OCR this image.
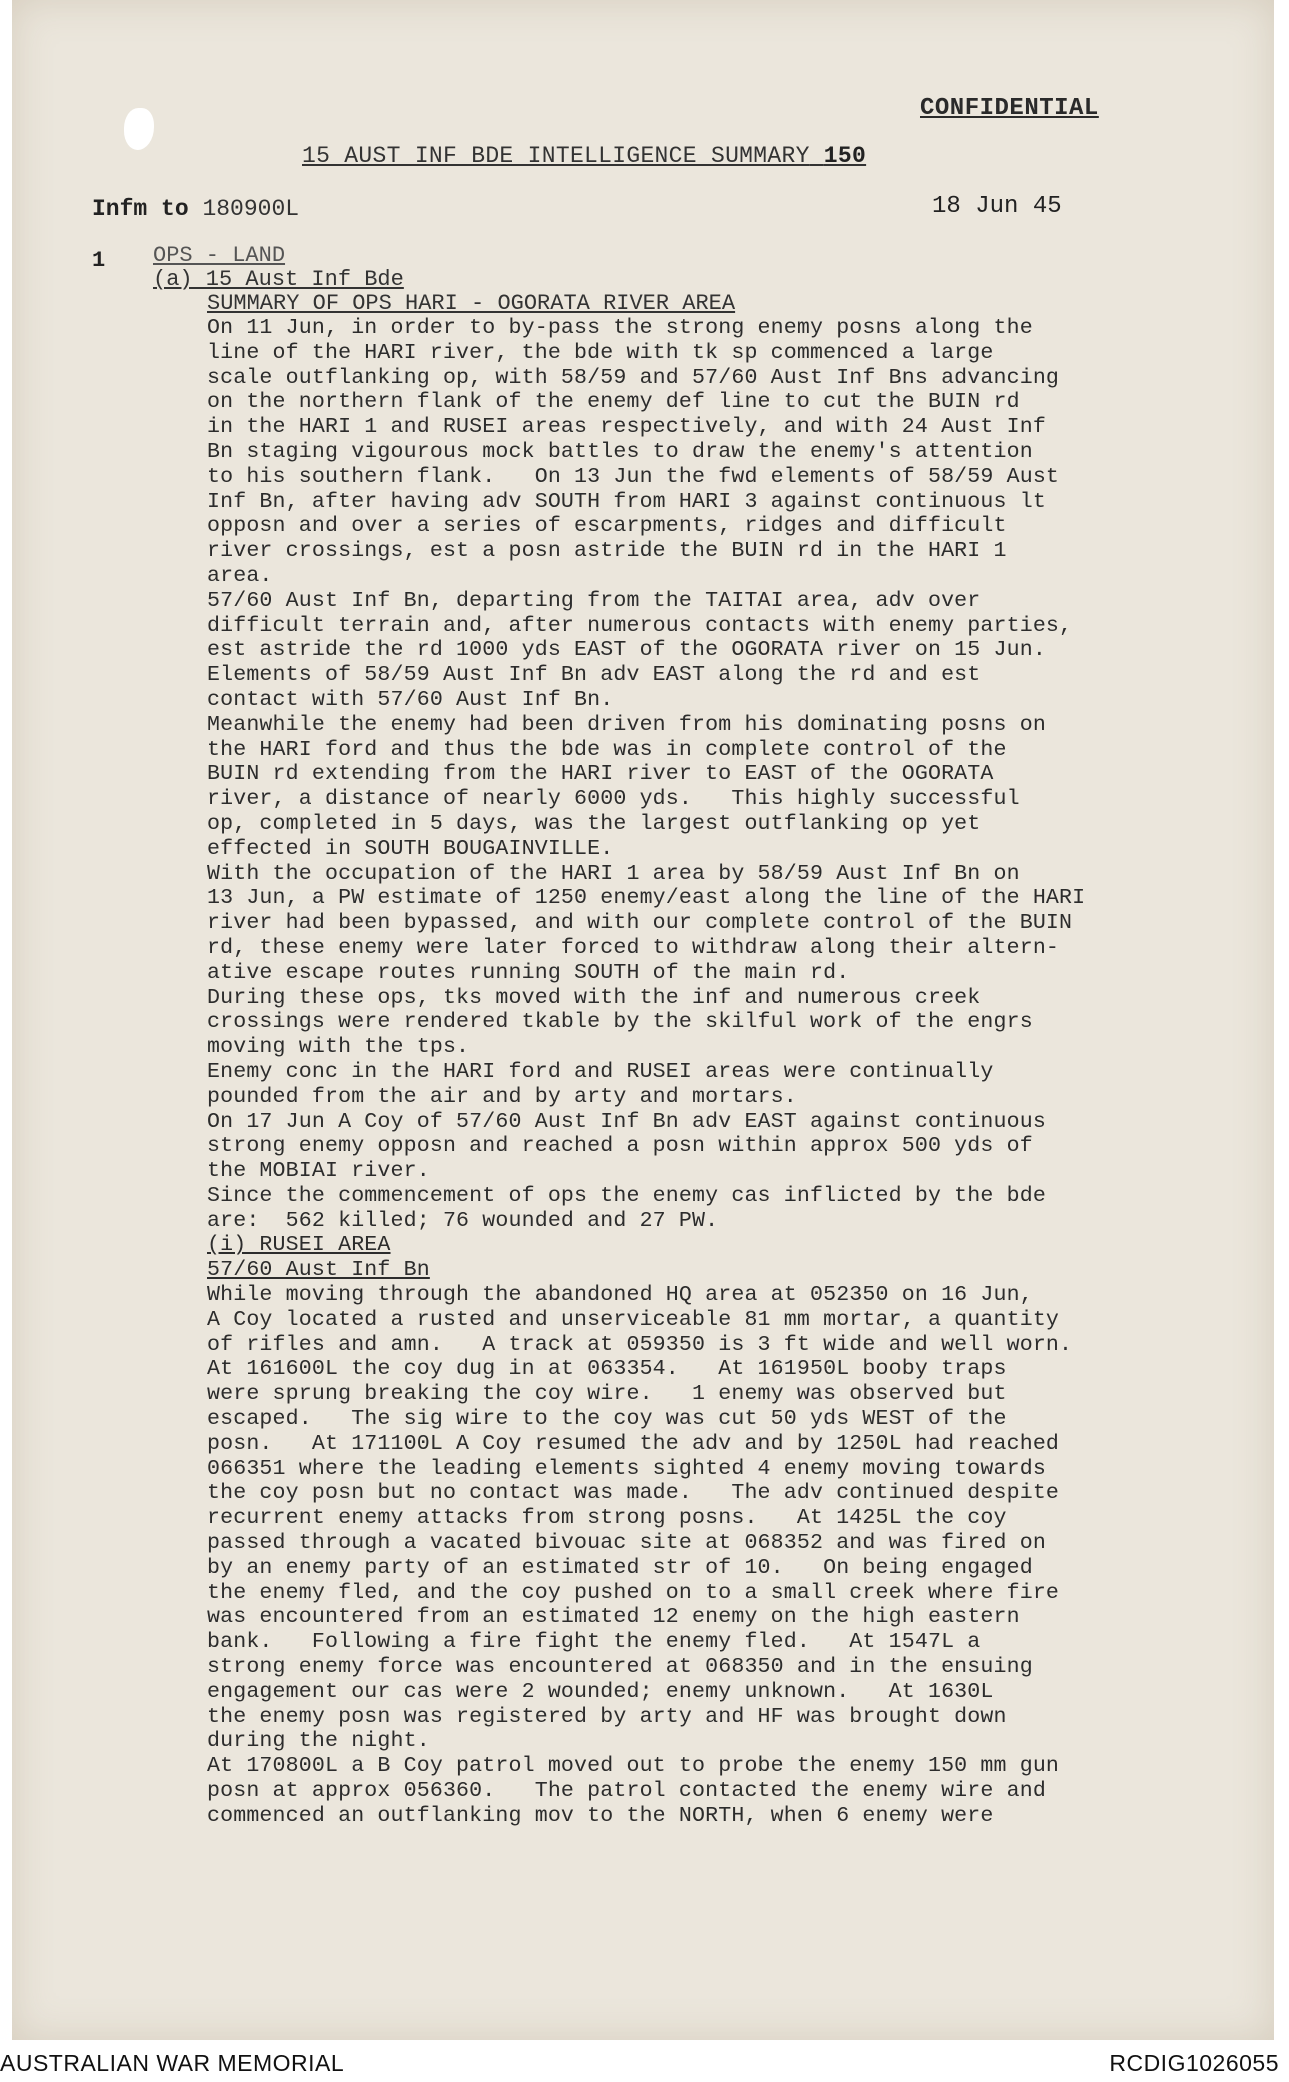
CONFIDENTIAL
15 AUST INF BDE INTELLIGENCE SUMMARY 150
Infm to 180900L	18 Jun 45
1 OPS - LAND
(a) 15 Aust Inf Bde
SUMMARY OF OPS HARI - OGORATA RIVER AREA
On 11 Jun, in order to by-pass the strong enemy posns along the
line of the HARI river, the bde with tk sp commenced a large
scale outflanking op, with 58/59 and 57/60 Aust Inf Bns advancing
on the northern flank of the enemy def line to cut the BUIN rd
in the HARI 1 and RUSEI areas respectively, and with 24 Aust Inf
Bn staging vigourous mock battles to draw the enemy's attention
to his southern flank.   On 13 Jun the fwd elements of 58/59 Aust
Inf Bn, after having adv SOUTH from HARI 3 against continuous lt
opposn and over a series of escarpments, ridges and difficult
river crossings, est a posn astride the BUIN rd in the HARI 1
area.
57/60 Aust Inf Bn, departing from the TAITAI area, adv over
difficult terrain and, after numerous contacts with enemy parties,
est astride the rd 1000 yds EAST of the OGORATA river on 15 Jun.
Elements of 58/59 Aust Inf Bn adv EAST along the rd and est
contact with 57/60 Aust Inf Bn.
Meanwhile the enemy had been driven from his dominating posns on
the HARI ford and thus the bde was in complete control of the
BUIN rd extending from the HARI river to EAST of the OGORATA
river, a distance of nearly 6000 yds.   This highly successful
op, completed in 5 days, was the largest outflanking op yet
effected in SOUTH BOUGAINVILLE.
With the occupation of the HARI 1 area by 58/59 Aust Inf Bn on
13 Jun, a PW estimate of 1250 enemy/east along the line of the HARI
river had been bypassed, and with our complete control of the BUIN
rd, these enemy were later forced to withdraw along their altern-
ative escape routes running SOUTH of the main rd.
During these ops, tks moved with the inf and numerous creek
crossings were rendered tkable by the skilful work of the engrs
moving with the tps.
Enemy conc in the HARI ford and RUSEI areas were continually
pounded from the air and by arty and mortars.
On 17 Jun A Coy of 57/60 Aust Inf Bn adv EAST against continuous
strong enemy opposn and reached a posn within approx 500 yds of
the MOBIAI river.
Since the commencement of ops the enemy cas inflicted by the bde
are:  562 killed; 76 wounded and 27 PW.
(i) RUSEI AREA
57/60 Aust Inf Bn
While moving through the abandoned HQ area at 052350 on 16 Jun,
A Coy located a rusted and unserviceable 81 mm mortar, a quantity
of rifles and amn.   A track at 059350 is 3 ft wide and well worn.
At 161600L the coy dug in at 063354.   At 161950L booby traps
were sprung breaking the coy wire.   1 enemy was observed but
escaped.   The sig wire to the coy was cut 50 yds WEST of the
posn.   At 171100L A Coy resumed the adv and by 1250L had reached
066351 where the leading elements sighted 4 enemy moving towards
the coy posn but no contact was made.   The adv continued despite
recurrent enemy attacks from strong posns.   At 1425L the coy
passed through a vacated bivouac site at 068352 and was fired on
by an enemy party of an estimated str of 10.   On being engaged
the enemy fled, and the coy pushed on to a small creek where fire
was encountered from an estimated 12 enemy on the high eastern
bank.   Following a fire fight the enemy fled.   At 1547L a
strong enemy force was encountered at 068350 and in the ensuing
engagement our cas were 2 wounded; enemy unknown.   At 1630L
the enemy posn was registered by arty and HF was brought down
during the night.
At 170800L a B Coy patrol moved out to probe the enemy 150 mm gun
posn at approx 056360.   The patrol contacted the enemy wire and
commenced an outflanking mov to the NORTH, when 6 enemy were
AUSTRALIAN WAR MEMORIAL	RCDIG1026055
